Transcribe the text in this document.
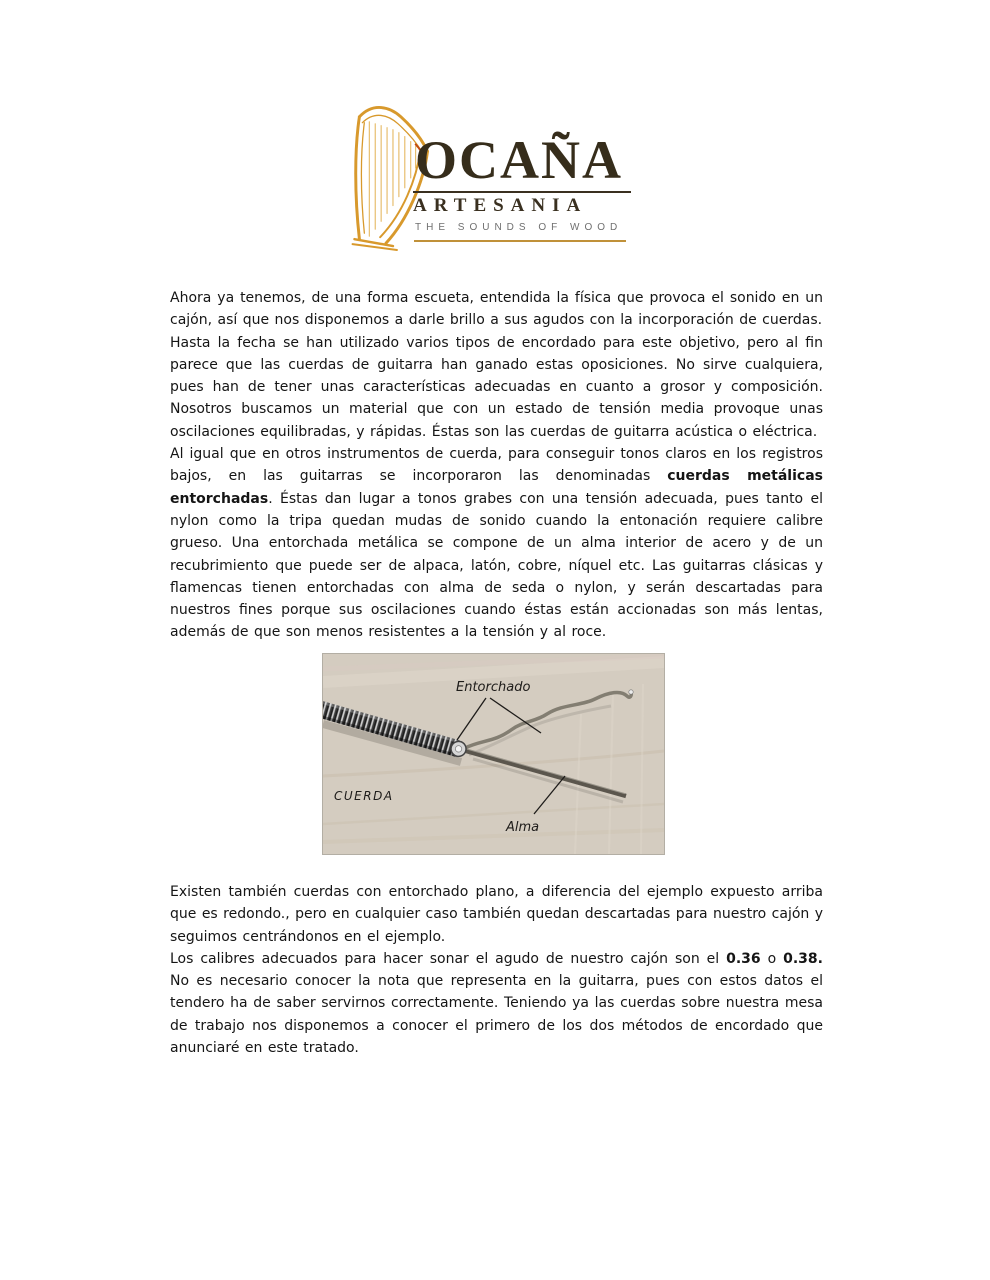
OCAÑA
ARTESANIA
THE SOUNDS OF WOOD

Ahora ya tenemos, de una forma escueta, entendida la física que provoca el sonido en un cajón, así que nos disponemos a darle brillo a sus agudos con la incorporación de cuerdas.

Hasta la fecha se han utilizado varios tipos de encordado para este objetivo, pero al fin parece que las cuerdas de guitarra han ganado estas oposiciones. No sirve cualquiera, pues han de tener unas características adecuadas en cuanto a grosor y composición. Nosotros buscamos un material que con un estado de tensión media provoque unas oscilaciones equilibradas, y rápidas. Éstas son las cuerdas de guitarra acústica o eléctrica.

Al igual que en otros instrumentos de cuerda, para conseguir tonos claros en los registros bajos, en las guitarras se incorporaron las denominadas cuerdas metálicas entorchadas. Éstas dan lugar a tonos grabes con una tensión adecuada, pues tanto el nylon como la tripa quedan mudas de sonido cuando la entonación requiere calibre grueso. Una entorchada metálica se compone de un alma interior de acero y de un recubrimiento que puede ser de alpaca, latón, cobre, níquel etc. Las guitarras clásicas y flamencas tienen entorchadas con alma de seda o nylon, y serán descartadas para nuestros fines porque sus oscilaciones cuando éstas están accionadas son más lentas, además de que son menos resistentes a la tensión y al roce.

Entorchado
CUERDA
Alma

Existen también cuerdas con entorchado plano, a diferencia del ejemplo expuesto arriba que es redondo., pero en cualquier caso también quedan descartadas para nuestro cajón y seguimos centrándonos en el ejemplo.

Los calibres adecuados para hacer sonar el agudo de nuestro cajón son el 0.36 o 0.38. No es necesario conocer la nota que representa en la guitarra, pues con estos datos el tendero ha de saber servirnos correctamente. Teniendo ya las cuerdas sobre nuestra mesa de trabajo nos disponemos a conocer el primero de los dos métodos de encordado que anunciaré en este tratado.
